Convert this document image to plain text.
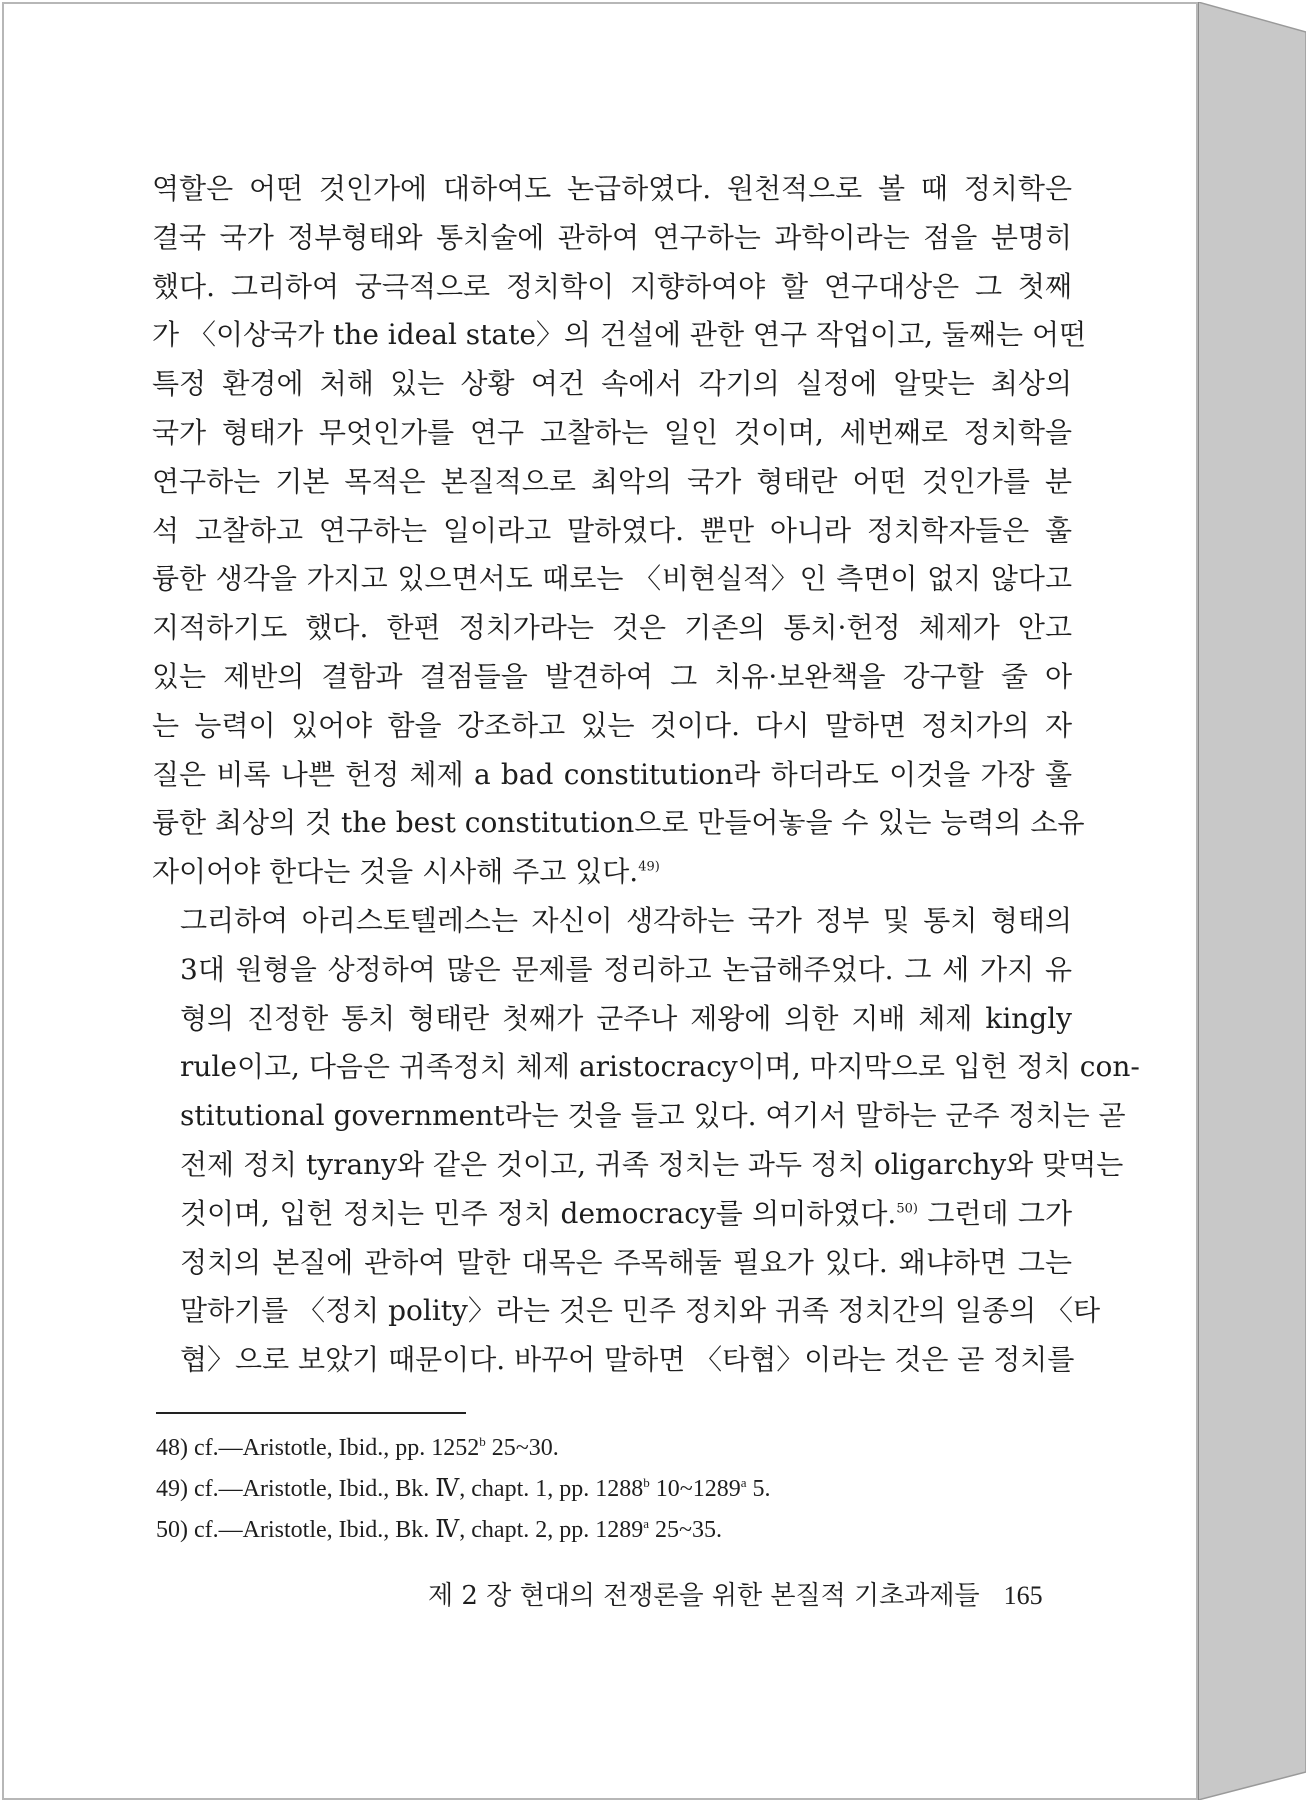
역할은 어떤 것인가에 대하여도 논급하였다. 원천적으로 볼 때 정치학은
결국 국가 정부형태와 통치술에 관하여 연구하는 과학이라는 점을 분명히
했다. 그리하여 궁극적으로 정치학이 지향하여야 할 연구대상은 그 첫째
가 〈이상국가 the ideal state〉의 건설에 관한 연구 작업이고, 둘째는 어떤
특정 환경에 처해 있는 상황 여건 속에서 각기의 실정에 알맞는 최상의
국가 형태가 무엇인가를 연구 고찰하는 일인 것이며, 세번째로 정치학을
연구하는 기본 목적은 본질적으로 최악의 국가 형태란 어떤 것인가를 분
석 고찰하고 연구하는 일이라고 말하였다. 뿐만 아니라 정치학자들은 훌
륭한 생각을 가지고 있으면서도 때로는 〈비현실적〉인 측면이 없지 않다고
지적하기도 했다. 한편 정치가라는 것은 기존의 통치·헌정 체제가 안고
있는 제반의 결함과 결점들을 발견하여 그 치유·보완책을 강구할 줄 아
는 능력이 있어야 함을 강조하고 있는 것이다. 다시 말하면 정치가의 자
질은 비록 나쁜 헌정 체제 a bad constitution라 하더라도 이것을 가장 훌
륭한 최상의 것 the best constitution으로 만들어놓을 수 있는 능력의 소유
자이어야 한다는 것을 시사해 주고 있다.$^{49)}$
그리하여 아리스토텔레스는 자신이 생각하는 국가 정부 및 통치 형태의
3대 원형을 상정하여 많은 문제를 정리하고 논급해주었다. 그 세 가지 유
형의 진정한 통치 형태란 첫째가 군주나 제왕에 의한 지배 체제 kingly
rule이고, 다음은 귀족정치 체제 aristocracy이며, 마지막으로 입헌 정치 con-
stitutional government라는 것을 들고 있다. 여기서 말하는 군주 정치는 곧
전제 정치 tyrany와 같은 것이고, 귀족 정치는 과두 정치 oligarchy와 맞먹는
것이며, 입헌 정치는 민주 정치 democracy를 의미하였다.$^{50)}$ 그런데 그가
정치의 본질에 관하여 말한 대목은 주목해둘 필요가 있다. 왜냐하면 그는
말하기를 〈정치 polity〉라는 것은 민주 정치와 귀족 정치간의 일종의 〈타
협〉으로 보았기 때문이다. 바꾸어 말하면 〈타협〉이라는 것은 곧 정치를
48) cf.—Aristotle, Ibid., pp. 1252$^b$ 25~30.
49) cf.—Aristotle, Ibid., Bk. Ⅳ, chapt. 1, pp. 1288$^b$ 10~1289$^a$ 5.
50) cf.—Aristotle, Ibid., Bk. Ⅳ, chapt. 2, pp. 1289$^a$ 25~35.
제 2 장 현대의 전쟁론을 위한 본질적 기초과제들 165
